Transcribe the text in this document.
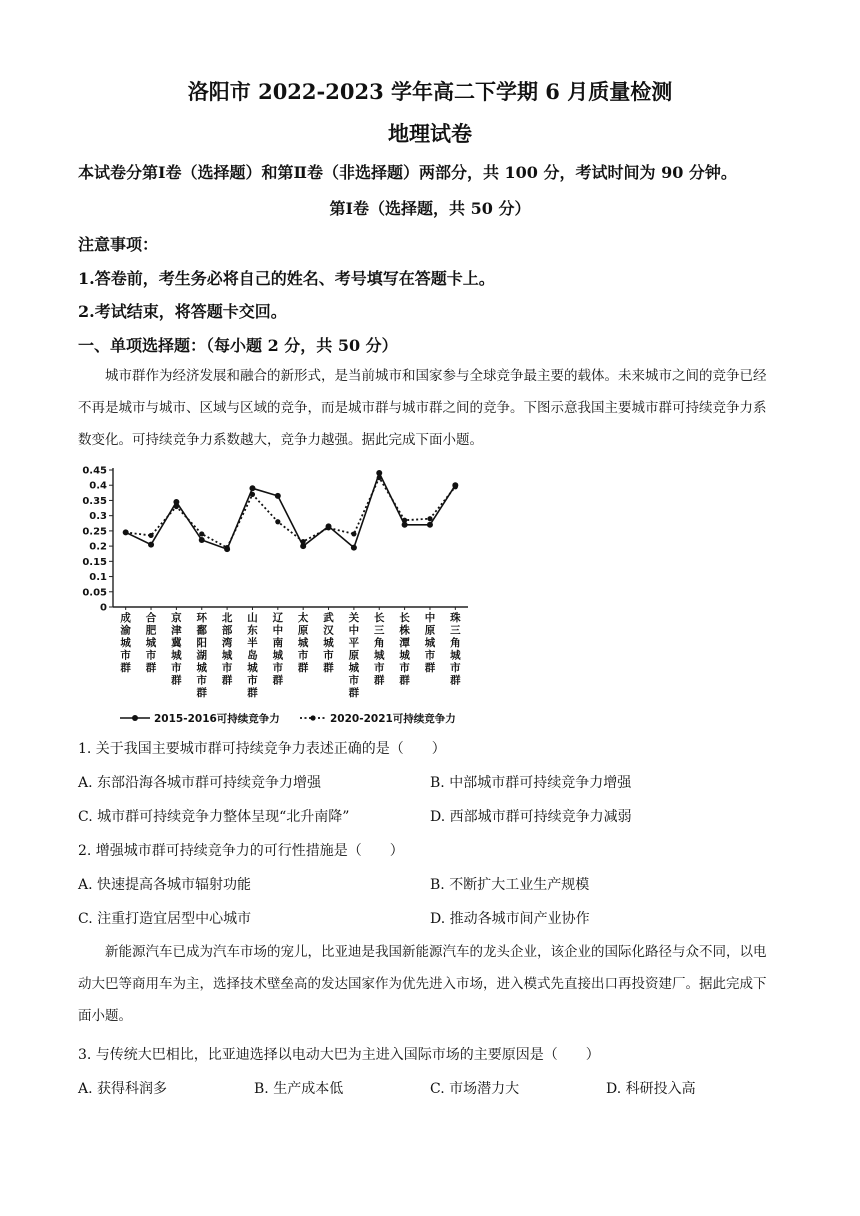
洛阳市 2022-2023 学年高二下学期 6 月质量检测
地理试卷
本试卷分第Ⅰ卷（选择题）和第Ⅱ卷（非选择题）两部分，共 100 分，考试时间为 90 分钟。
第Ⅰ卷（选择题，共 50 分）
注意事项：
1.答卷前，考生务必将自己的姓名、考号填写在答题卡上。
2.考试结束，将答题卡交回。
一、单项选择题：（每小题 2 分，共 50 分）
城市群作为经济发展和融合的新形式，是当前城市和国家参与全球竞争最主要的载体。未来城市之间的竞争已经不再是城市与城市、区域与区域的竞争，而是城市群与城市群之间的竞争。下图示意我国主要城市群可持续竞争力系数变化。可持续竞争力系数越大，竞争力越强。据此完成下面小题。
0.45
0.4
0.35
0.3
0.25
0.2
0.15
0.1
0.05
0
成渝城市群
合肥城市群
京津冀城市群
环鄱阳湖城市群
北部湾城市群
山东半岛城市群
辽中南城市群
太原城市群
武汉城市群
关中平原城市群
长三角城市群
长株潭城市群
中原城市群
珠三角城市群
2015-2016可持续竞争力	2020-2021可持续竞争力
1. 关于我国主要城市群可持续竞争力表述正确的是（　　）
A. 东部沿海各城市群可持续竞争力增强	B. 中部城市群可持续竞争力增强
C. 城市群可持续竞争力整体呈现“北升南降”	D. 西部城市群可持续竞争力减弱
2. 增强城市群可持续竞争力的可行性措施是（　　）
A. 快速提高各城市辐射功能	B. 不断扩大工业生产规模
C. 注重打造宜居型中心城市	D. 推动各城市间产业协作
新能源汽车已成为汽车市场的宠儿，比亚迪是我国新能源汽车的龙头企业，该企业的国际化路径与众不同，以电动大巴等商用车为主，选择技术壁垒高的发达国家作为优先进入市场，进入模式先直接出口再投资建厂。据此完成下面小题。
3. 与传统大巴相比，比亚迪选择以电动大巴为主进入国际市场的主要原因是（　　）
A. 获得科润多	B. 生产成本低	C. 市场潜力大	D. 科研投入高
